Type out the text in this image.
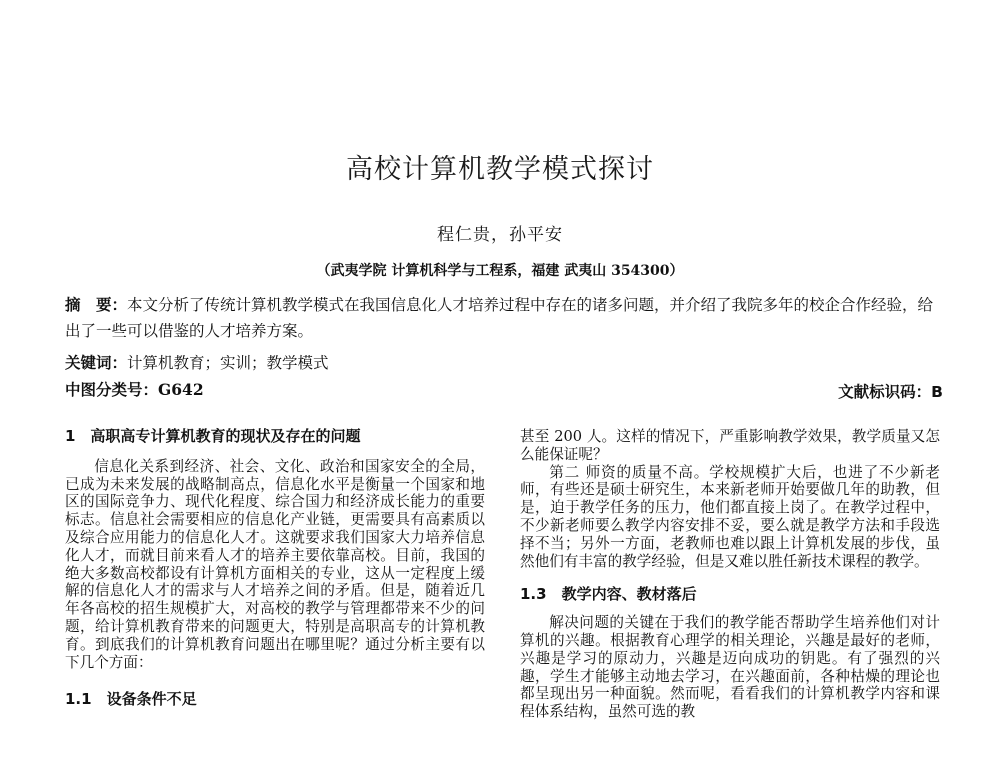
高校计算机教学模式探讨
程仁贵，孙平安
（武夷学院 计算机科学与工程系，福建 武夷山 354300）
摘　要：本文分析了传统计算机教学模式在我国信息化人才培养过程中存在的诸多问题，并介绍了我院多年的校企合作经验，给出了一些可以借鉴的人才培养方案。
关键词：计算机教育；实训；教学模式
中图分类号：G642	文献标识码：B
1　高职高专计算机教育的现状及存在的问题

信息化关系到经济、社会、文化、政治和国家安全的全局，已成为未来发展的战略制高点，信息化水平是衡量一个国家和地区的国际竞争力、现代化程度、综合国力和经济成长能力的重要标志。信息社会需要相应的信息化产业链，更需要具有高素质以及综合应用能力的信息化人才。这就要求我们国家大力培养信息化人才，而就目前来看人才的培养主要依靠高校。目前，我国的绝大多数高校都设有计算机方面相关的专业，这从一定程度上缓解的信息化人才的需求与人才培养之间的矛盾。但是，随着近几年各高校的招生规模扩大，对高校的教学与管理都带来不少的问题，给计算机教育带来的问题更大，特别是高职高专的计算机教育。到底我们的计算机教育问题出在哪里呢？通过分析主要有以下几个方面：

1.1　设备条件不足

甚至 200 人。这样的情况下，严重影响教学效果，教学质量又怎么能保证呢？

第二 师资的质量不高。学校规模扩大后，也进了不少新老师，有些还是硕士研究生，本来新老师开始要做几年的助教，但是，迫于教学任务的压力，他们都直接上岗了。在教学过程中，不少新老师要么教学内容安排不妥，要么就是教学方法和手段选择不当；另外一方面，老教师也难以跟上计算机发展的步伐，虽然他们有丰富的教学经验，但是又难以胜任新技术课程的教学。

1.3　教学内容、教材落后

解决问题的关键在于我们的教学能否帮助学生培养他们对计算机的兴趣。根据教育心理学的相关理论，兴趣是最好的老师，兴趣是学习的原动力，兴趣是迈向成功的钥匙。有了强烈的兴趣，学生才能够主动地去学习，在兴趣面前，各种枯燥的理论也都呈现出另一种面貌。然而呢，看看我们的计算机教学内容和课程体系结构，虽然可选的教
